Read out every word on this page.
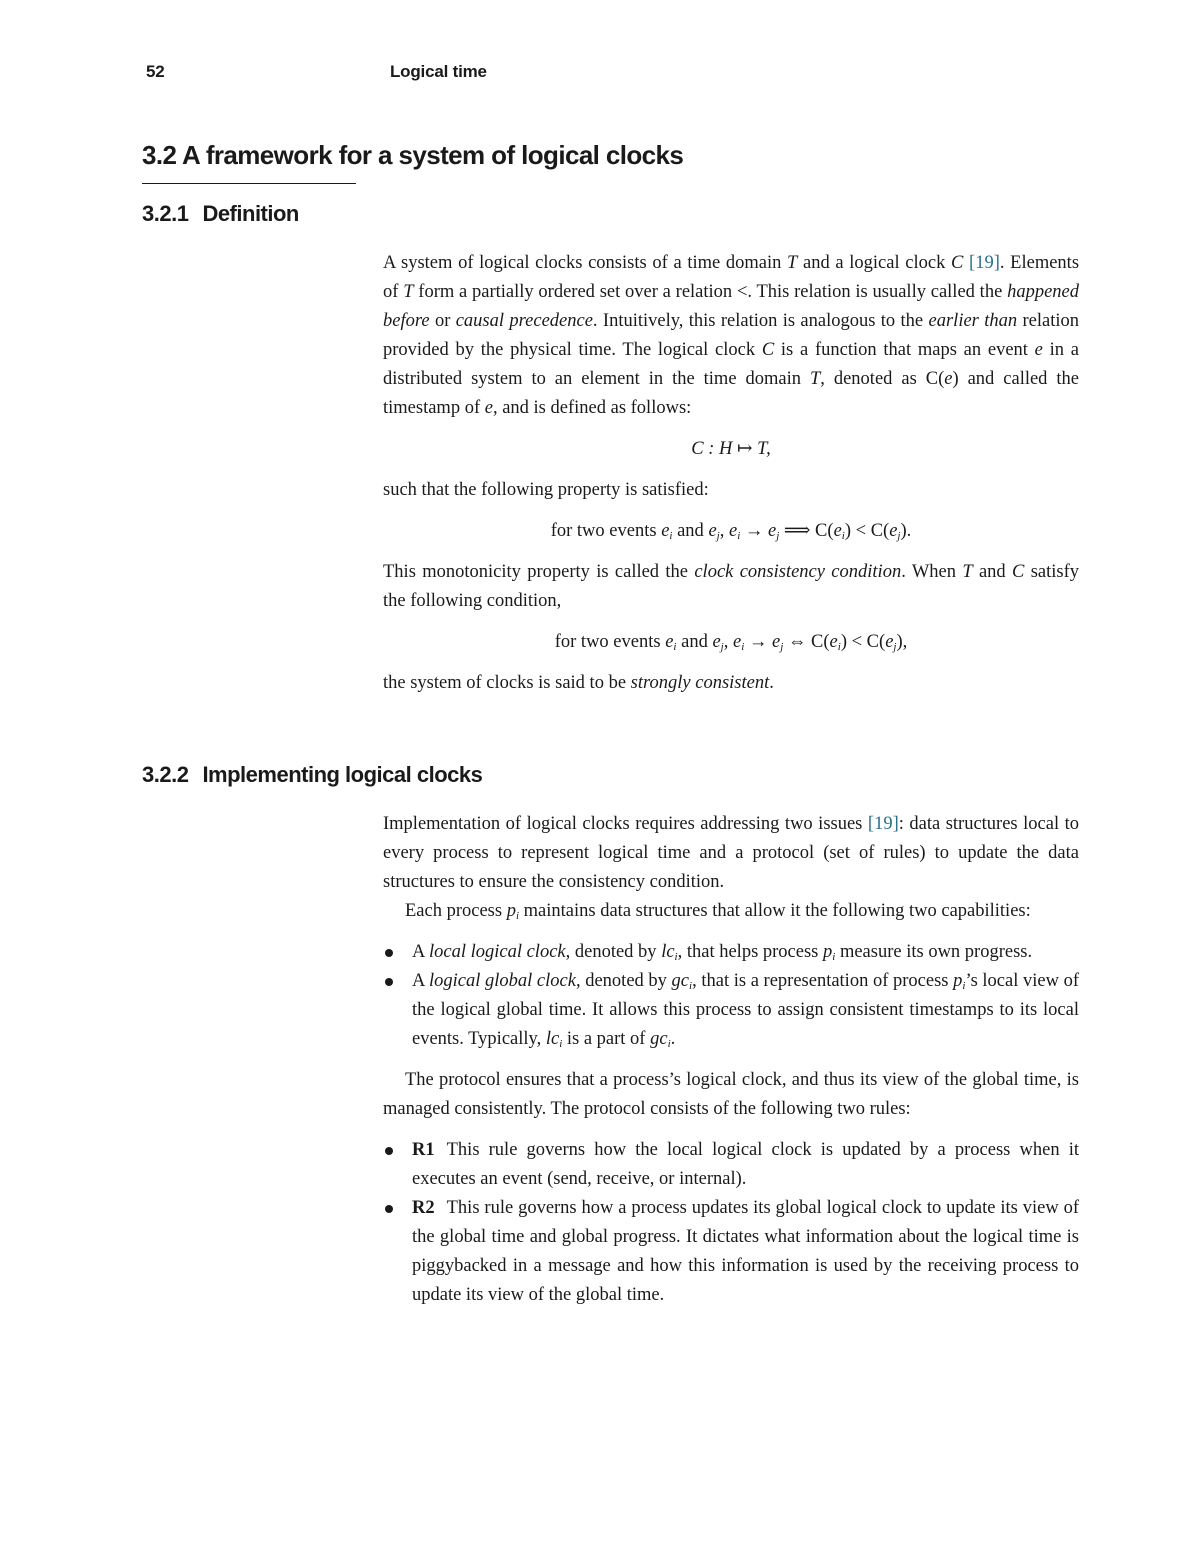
52	Logical time
3.2 A framework for a system of logical clocks
3.2.1 Definition

A system of logical clocks consists of a time domain T and a logical clock C [19]. Elements of T form a partially ordered set over a relation <. This relation is usually called the happened before or causal precedence. Intuitively, this relation is analogous to the earlier than relation provided by the physical time. The logical clock C is a function that maps an event e in a distributed system to an element in the time domain T, denoted as C(e) and called the timestamp of e, and is defined as follows:

C : H ↦ T,

such that the following property is satisfied:

for two events $e_i$ and $e_j$, $e_i \to e_j$ ⟹ $C(e_i) < C(e_j)$.

This monotonicity property is called the clock consistency condition. When T and C satisfy the following condition,

for two events $e_i$ and $e_j$, $e_i \to e_j$ ⇔ $C(e_i) < C(e_j)$,

the system of clocks is said to be strongly consistent.

3.2.2 Implementing logical clocks

Implementation of logical clocks requires addressing two issues [19]: data structures local to every process to represent logical time and a protocol (set of rules) to update the data structures to ensure the consistency condition.

Each process $p_i$ maintains data structures that allow it the following two capabilities:

A local logical clock, denoted by $lc_i$, that helps process $p_i$ measure its own progress.
A logical global clock, denoted by $gc_i$, that is a representation of process $p_i’s$ local view of the logical global time. It allows this process to assign consistent timestamps to its local events. Typically, $lc_i$ is a part of $gc_i$.

The protocol ensures that a process’s logical clock, and thus its view of the global time, is managed consistently. The protocol consists of the following two rules:

R1 This rule governs how the local logical clock is updated by a process when it executes an event (send, receive, or internal).
R2 This rule governs how a process updates its global logical clock to update its view of the global time and global progress. It dictates what information about the logical time is piggybacked in a message and how this information is used by the receiving process to update its view of the global time.
